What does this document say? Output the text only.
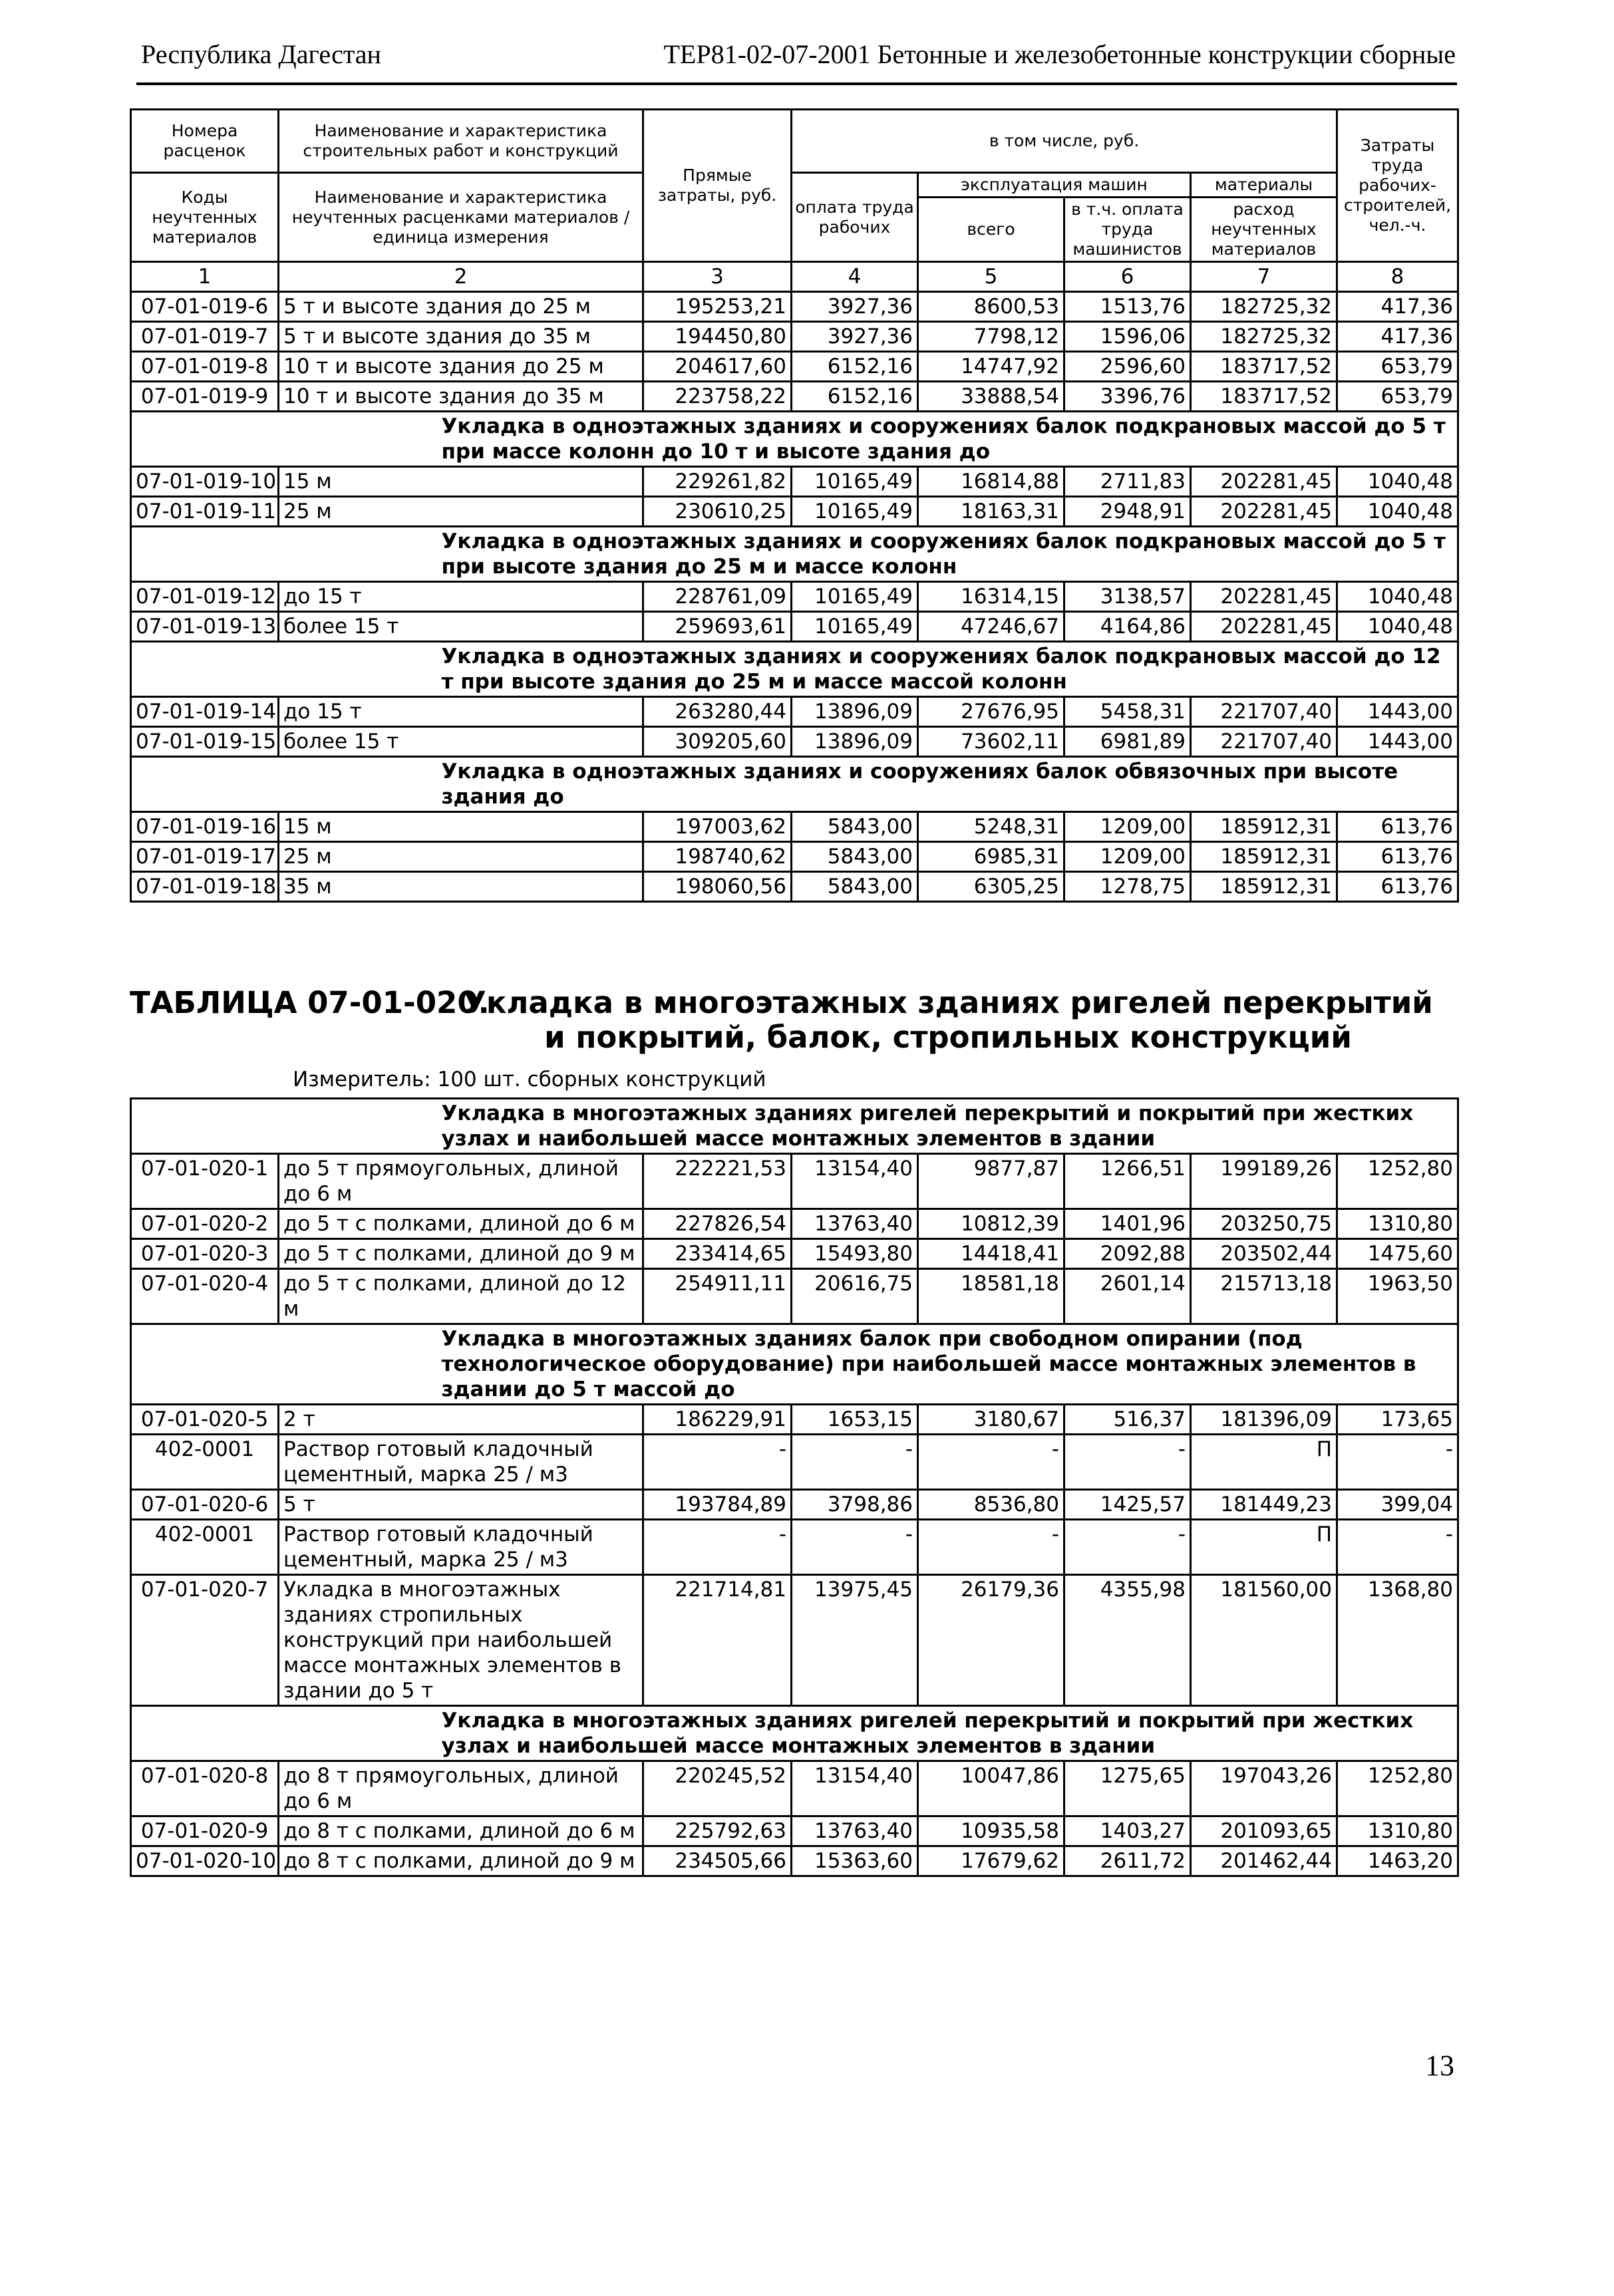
Республика Дагестан	ТЕР81-02-07-2001 Бетонные и железобетонные конструкции сборные
Номера расценок	Наименование и характеристика строительных работ и конструкций	Прямые затраты, руб.	в том числе, руб.				Затраты труда рабочих-строителей, чел.-ч.
Коды неучтенных материалов	Наименование и характеристика неучтенных расценками материалов / единица измерения		оплата труда рабочих	эксплуатация машин		материалы	
				всего	в т.ч. оплата труда машинистов	расход неучтенных материалов	
1	2	3	4	5	6	7	8
07-01-019-6	5 т и высоте здания до 25 м	195253,21	3927,36	8600,53	1513,76	182725,32	417,36
07-01-019-7	5 т и высоте здания до 35 м	194450,80	3927,36	7798,12	1596,06	182725,32	417,36
07-01-019-8	10 т и высоте здания до 25 м	204617,60	6152,16	14747,92	2596,60	183717,52	653,79
07-01-019-9	10 т и высоте здания до 35 м	223758,22	6152,16	33888,54	3396,76	183717,52	653,79
	Укладка в одноэтажных зданиях и сооружениях балок подкрановых массой до 5 т при массе колонн до 10 т и высоте здания до						
07-01-019-10	15 м	229261,82	10165,49	16814,88	2711,83	202281,45	1040,48
07-01-019-11	25 м	230610,25	10165,49	18163,31	2948,91	202281,45	1040,48
	Укладка в одноэтажных зданиях и сооружениях балок подкрановых массой до 5 т при высоте здания до 25 м и массе колонн						
07-01-019-12	до 15 т	228761,09	10165,49	16314,15	3138,57	202281,45	1040,48
07-01-019-13	более 15 т	259693,61	10165,49	47246,67	4164,86	202281,45	1040,48
	Укладка в одноэтажных зданиях и сооружениях балок подкрановых массой до 12 т при высоте здания до 25 м и массе массой колонн						
07-01-019-14	до 15 т	263280,44	13896,09	27676,95	5458,31	221707,40	1443,00
07-01-019-15	более 15 т	309205,60	13896,09	73602,11	6981,89	221707,40	1443,00
	Укладка в одноэтажных зданиях и сооружениях балок обвязочных при высоте здания до						
07-01-019-16	15 м	197003,62	5843,00	5248,31	1209,00	185912,31	613,76
07-01-019-17	25 м	198740,62	5843,00	6985,31	1209,00	185912,31	613,76
07-01-019-18	35 м	198060,56	5843,00	6305,25	1278,75	185912,31	613,76
ТАБЛИЦА 07-01-020.
Укладка в многоэтажных зданиях ригелей перекрытий и покрытий, балок, стропильных конструкций
Измеритель: 100 шт. сборных конструкций
	Укладка в многоэтажных зданиях ригелей перекрытий и покрытий при жестких узлах и наибольшей массе монтажных элементов в здании						
07-01-020-1	до 5 т прямоугольных, длиной до 6 м	222221,53	13154,40	9877,87	1266,51	199189,26	1252,80
07-01-020-2	до 5 т с полками, длиной до 6 м	227826,54	13763,40	10812,39	1401,96	203250,75	1310,80
07-01-020-3	до 5 т с полками, длиной до 9 м	233414,65	15493,80	14418,41	2092,88	203502,44	1475,60
07-01-020-4	до 5 т с полками, длиной до 12 м	254911,11	20616,75	18581,18	2601,14	215713,18	1963,50
	Укладка в многоэтажных зданиях балок при свободном опирании (под технологическое оборудование) при наибольшей массе монтажных элементов в здании до 5 т массой до						
07-01-020-5	2 т	186229,91	1653,15	3180,67	516,37	181396,09	173,65
402-0001	Раствор готовый кладочный цементный, марка 25 / м3	-	-	-	-	П	-
07-01-020-6	5 т	193784,89	3798,86	8536,80	1425,57	181449,23	399,04
402-0001	Раствор готовый кладочный цементный, марка 25 / м3	-	-	-	-	П	-
07-01-020-7	Укладка в многоэтажных зданиях стропильных конструкций при наибольшей массе монтажных элементов в здании до 5 т	221714,81	13975,45	26179,36	4355,98	181560,00	1368,80
	Укладка в многоэтажных зданиях ригелей перекрытий и покрытий при жестких узлах и наибольшей массе монтажных элементов в здании						
07-01-020-8	до 8 т прямоугольных, длиной до 6 м	220245,52	13154,40	10047,86	1275,65	197043,26	1252,80
07-01-020-9	до 8 т с полками, длиной до 6 м	225792,63	13763,40	10935,58	1403,27	201093,65	1310,80
07-01-020-10	до 8 т с полками, длиной до 9 м	234505,66	15363,60	17679,62	2611,72	201462,44	1463,20
13
